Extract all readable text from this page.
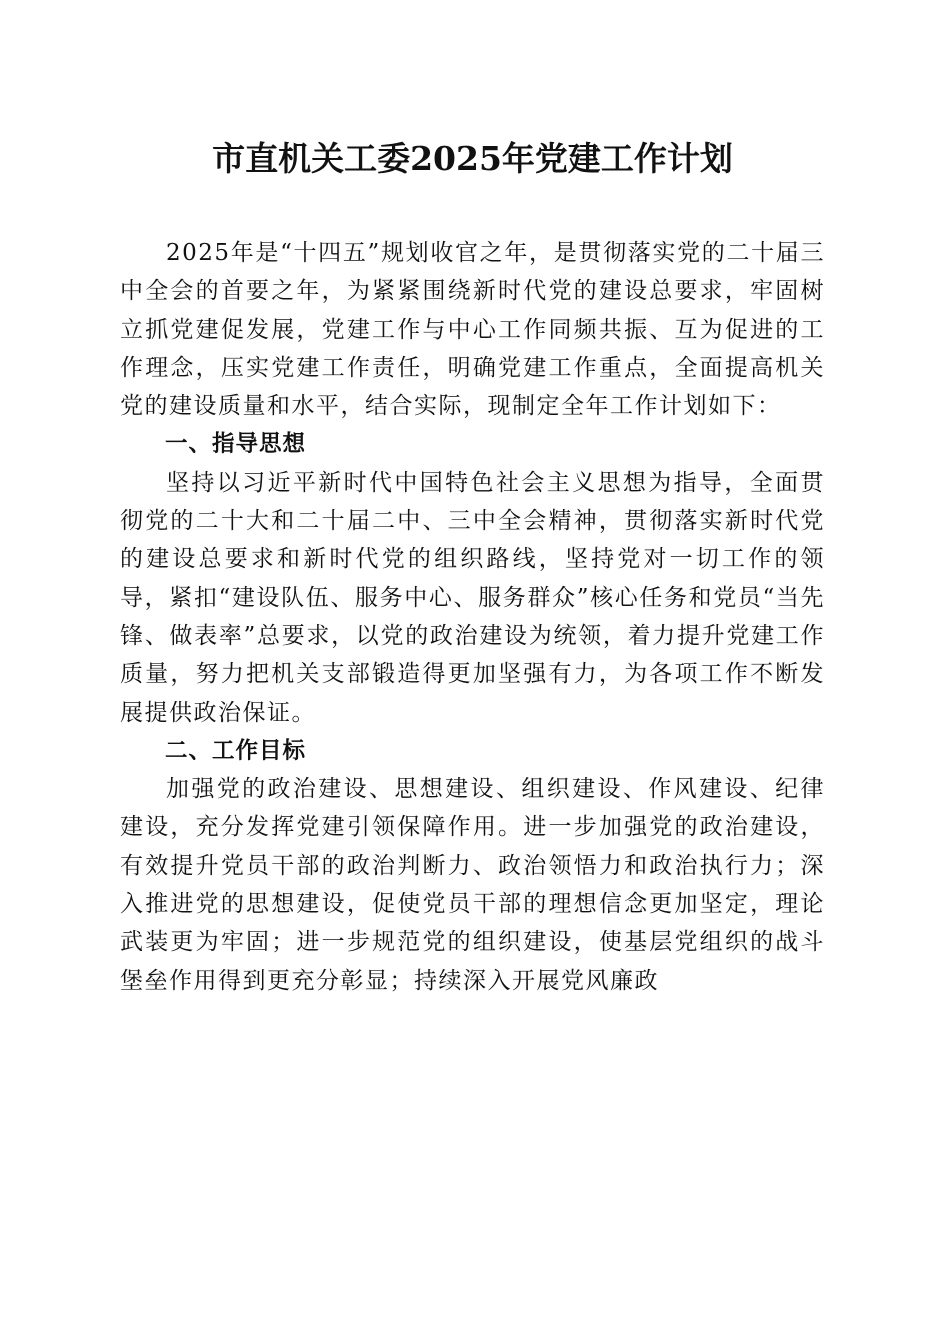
市直机关工委2025年党建工作计划

2025年是“十四五”规划收官之年，是贯彻落实党的二十届三中全会的首要之年，为紧紧围绕新时代党的建设总要求，牢固树立抓党建促发展，党建工作与中心工作同频共振、互为促进的工作理念，压实党建工作责任，明确党建工作重点，全面提高机关党的建设质量和水平，结合实际，现制定全年工作计划如下：

一、指导思想

坚持以习近平新时代中国特色社会主义思想为指导，全面贯彻党的二十大和二十届二中、三中全会精神，贯彻落实新时代党的建设总要求和新时代党的组织路线，坚持党对一切工作的领导，紧扣“建设队伍、服务中心、服务群众”核心任务和党员“当先锋、做表率”总要求，以党的政治建设为统领，着力提升党建工作质量，努力把机关支部锻造得更加坚强有力，为各项工作不断发展提供政治保证。

二、工作目标

加强党的政治建设、思想建设、组织建设、作风建设、纪律建设，充分发挥党建引领保障作用。进一步加强党的政治建设，有效提升党员干部的政治判断力、政治领悟力和政治执行力；深入推进党的思想建设，促使党员干部的理想信念更加坚定，理论武装更为牢固；进一步规范党的组织建设，使基层党组织的战斗堡垒作用得到更充分彰显；持续深入开展党风廉政
